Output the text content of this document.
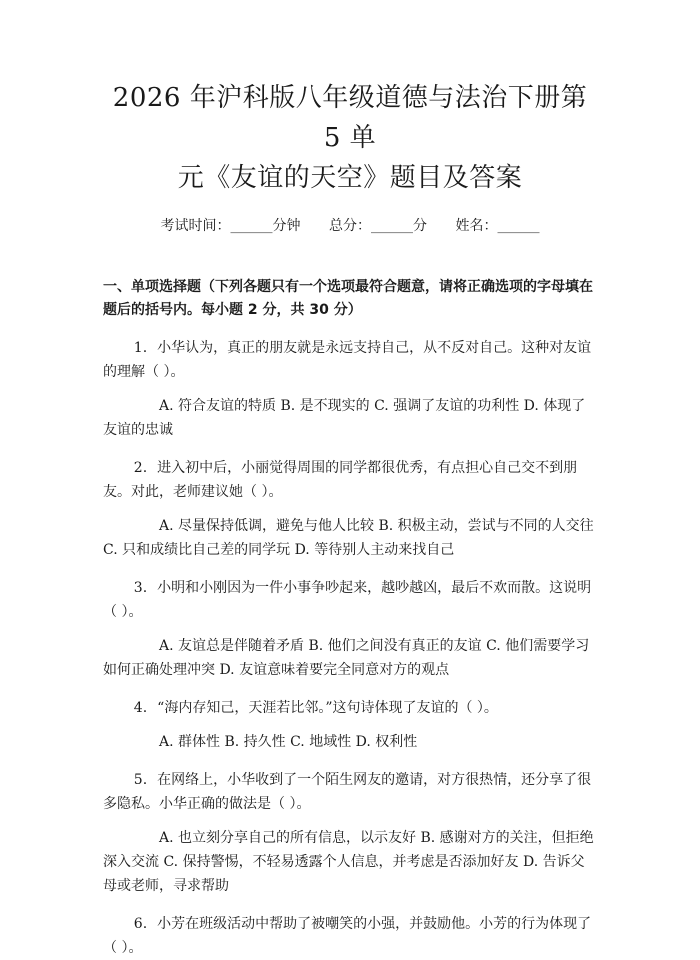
2026 年沪科版八年级道德与法治下册第 5 单
元《友谊的天空》题目及答案
考试时间：______分钟 总分：______分 姓名：______
一、单项选择题（下列各题只有一个选项最符合题意，请将正确选项的字母填在题后的括号内。每小题 2 分，共 30 分）
1. 小华认为，真正的朋友就是永远支持自己，从不反对自己。这种对友谊的理解（ ）。
A. 符合友谊的特质 B. 是不现实的 C. 强调了友谊的功利性 D. 体现了友谊的忠诚
2. 进入初中后，小丽觉得周围的同学都很优秀，有点担心自己交不到朋友。对此，老师建议她（ ）。
A. 尽量保持低调，避免与他人比较 B. 积极主动，尝试与不同的人交往 C. 只和成绩比自己差的同学玩 D. 等待别人主动来找自己
3. 小明和小刚因为一件小事争吵起来，越吵越凶，最后不欢而散。这说明（ ）。
A. 友谊总是伴随着矛盾 B. 他们之间没有真正的友谊 C. 他们需要学习如何正确处理冲突 D. 友谊意味着要完全同意对方的观点
4. “海内存知己，天涯若比邻。”这句诗体现了友谊的（ ）。
A. 群体性 B. 持久性 C. 地域性 D. 权利性
5. 在网络上，小华收到了一个陌生网友的邀请，对方很热情，还分享了很多隐私。小华正确的做法是（ ）。
A. 也立刻分享自己的所有信息，以示友好 B. 感谢对方的关注，但拒绝深入交流 C. 保持警惕，不轻易透露个人信息，并考虑是否添加好友 D. 告诉父母或老师，寻求帮助
6. 小芳在班级活动中帮助了被嘲笑的小强，并鼓励他。小芳的行为体现了（ ）。
